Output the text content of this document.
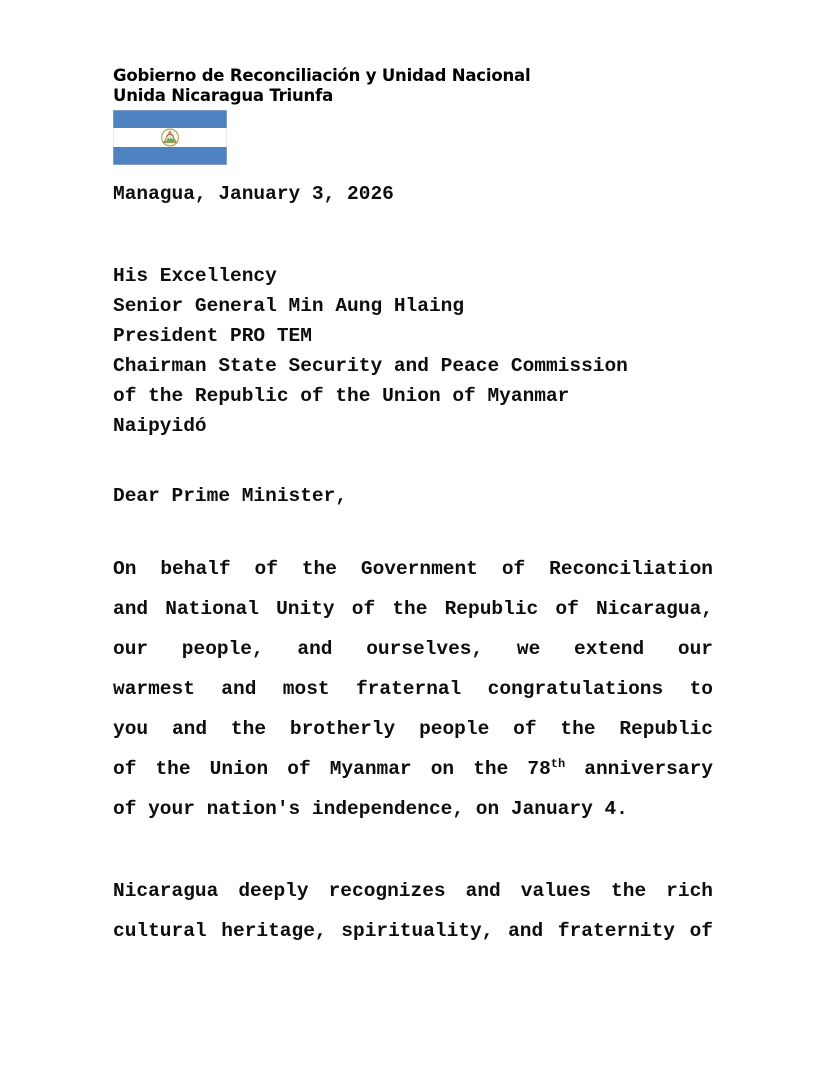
Gobierno de Reconciliación y Unidad Nacional
Unida Nicaragua Triunfa
Managua, January 3, 2026
His Excellency
Senior General Min Aung Hlaing
President PRO TEM
Chairman State Security and Peace Commission
of the Republic of the Union of Myanmar
Naipyidó
Dear Prime Minister,
On behalf of the Government of Reconciliation
and National Unity of the Republic of Nicaragua,
our people, and ourselves, we extend our
warmest and most fraternal congratulations to
you and the brotherly people of the Republic
of the Union of Myanmar on the 78th anniversary
of your nation's independence, on January 4.
Nicaragua deeply recognizes and values the rich
cultural heritage, spirituality, and fraternity of
